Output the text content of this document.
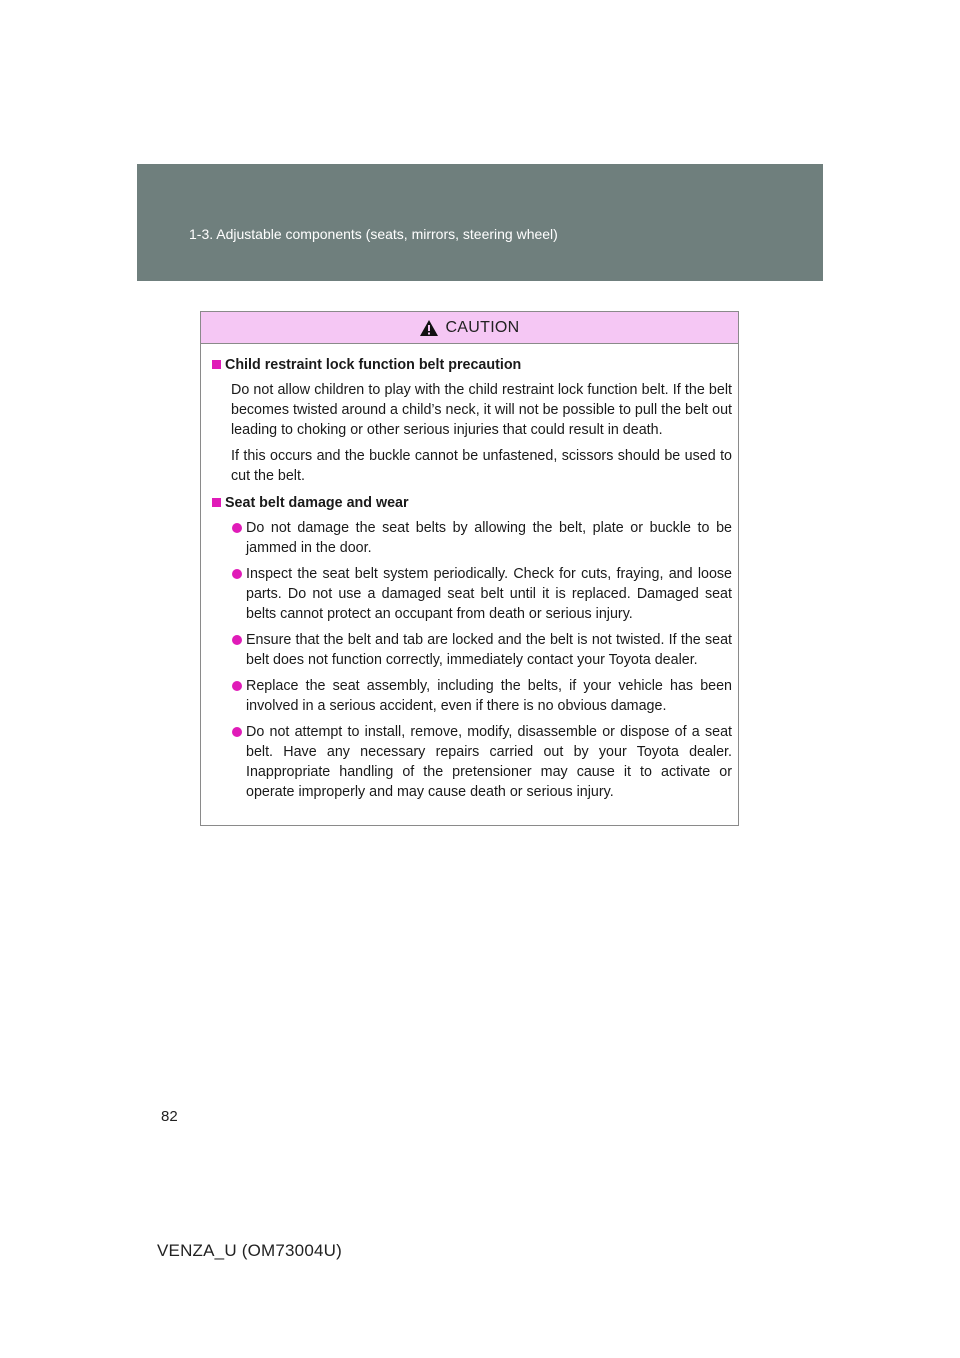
1-3. Adjustable components (seats, mirrors, steering wheel)
CAUTION
Child restraint lock function belt precaution
Do not allow children to play with the child restraint lock function belt. If the belt becomes twisted around a child’s neck, it will not be possible to pull the belt out leading to choking or other serious injuries that could result in death.
If this occurs and the buckle cannot be unfastened, scissors should be used to cut the belt.
Seat belt damage and wear
Do not damage the seat belts by allowing the belt, plate or buckle to be jammed in the door.
Inspect the seat belt system periodically. Check for cuts, fraying, and loose parts. Do not use a damaged seat belt until it is replaced. Damaged seat belts cannot protect an occupant from death or serious injury.
Ensure that the belt and tab are locked and the belt is not twisted. If the seat belt does not function correctly, immediately contact your Toyota dealer.
Replace the seat assembly, including the belts, if your vehicle has been involved in a serious accident, even if there is no obvious damage.
Do not attempt to install, remove, modify, disassemble or dispose of a seat belt. Have any necessary repairs carried out by your Toyota dealer. Inappropriate handling of the pretensioner may cause it to activate or operate improperly and may cause death or serious injury.
82
VENZA_U (OM73004U)
